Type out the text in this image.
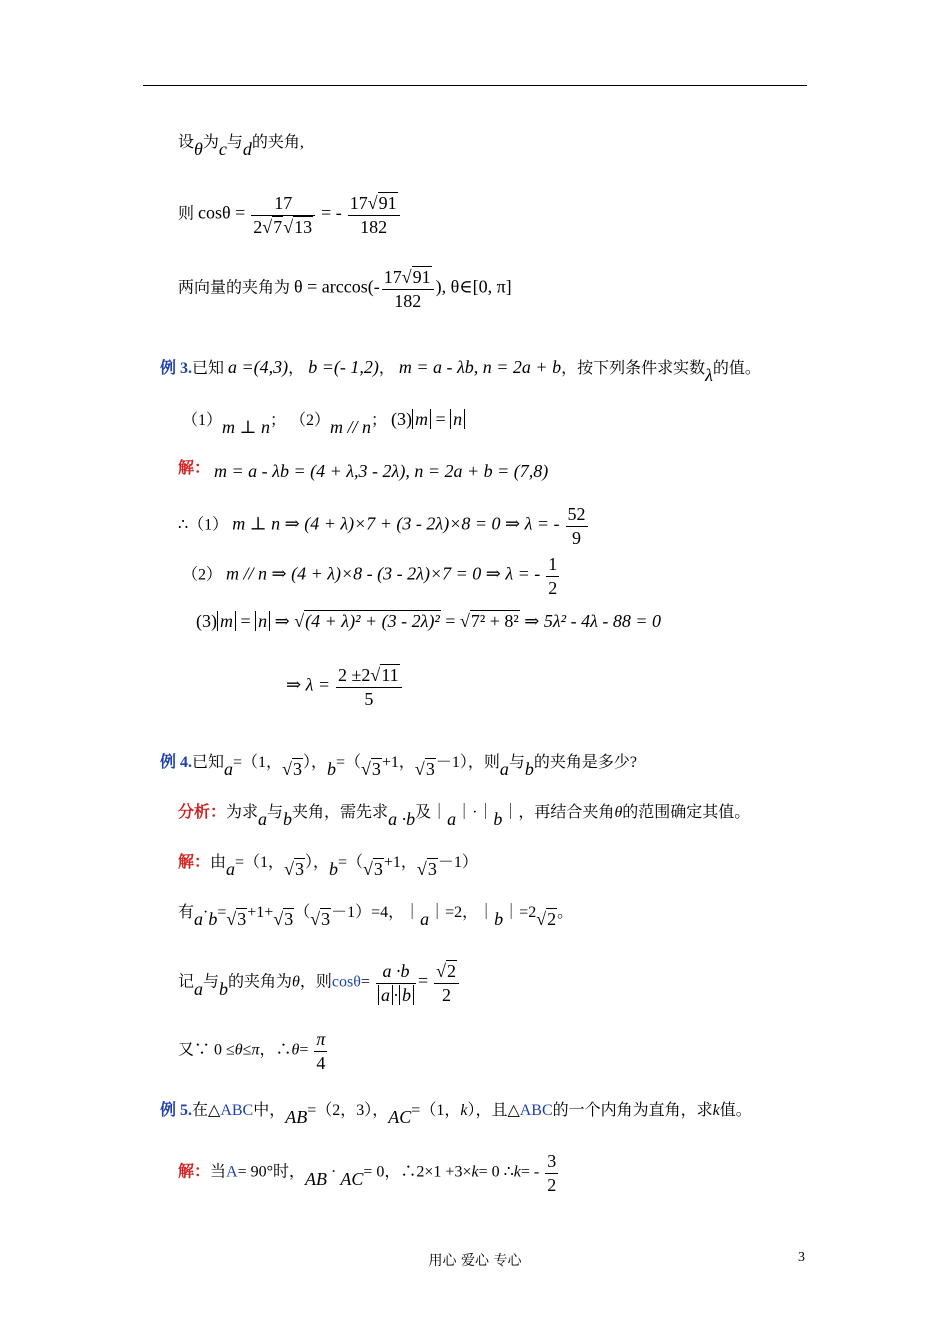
设θ为c与d的夹角,
则 $\cos\theta = \frac{17}{2√7√13}$ = - $\frac{17√91}{182}$
两向量的夹角为 $\theta = \arccos(- \frac{17√91}{182}$ ), θ∈[0, π]
例 3.已知 a =(4,3)， b =(- 1,2)， m = a - λb, n = 2a + b，按下列条件求实数λ的值。
（1）m ⊥ n； （2）m // n； (3) m = n
解： m = a - λb = (4 + λ,3 - 2λ), n = 2a + b = (7,8)
∴（1） m ⊥ n ⇒ (4 + λ)×7 + (3 - 2λ)×8 = 0 ⇒ λ = - $\frac{52}{9}$
（2） m // n ⇒ (4 + λ)×8 - (3 - 2λ)×7 = 0 ⇒ λ = - $\frac{1}{2}$
(3) m = n ⇒ √(4 + λ)² + (3 - 2λ)² = √7² + 8² ⇒ 5λ² - 4λ - 88 = 0
⇒ $\lambda = \frac{2 \pm 2√11}{5}$
例 4.已知a=（1，√3），b=（√3+1，√3－1），则a与b的夹角是多少?
分析：为求a与b夹角，需先求a ·b及｜a｜·｜b｜，再结合夹角θ的范围确定其值。
解：由a=（1，√3），b=（√3+1，√3－1）
有a·b=√3+1+√3（√3－1）=4，｜a｜=2，｜b｜=2√2。
记a与b的夹角为θ，则$\cos\theta= \frac{a \cdot b}{a \cdot b} = \frac{√2}{2}$
又∵ 0 ≤θ≤π，∴θ= $\frac{\pi}{4}$
例 5.在△ABC中，AB=（2，3），AC=（1，k），且△ABC的一个内角为直角，求k值。
解：当A= 90°时，AB · AC= 0，∴2×1 +3×k= 0 ∴k= - $\frac{3}{2}$
用心 爱心 专心	3
